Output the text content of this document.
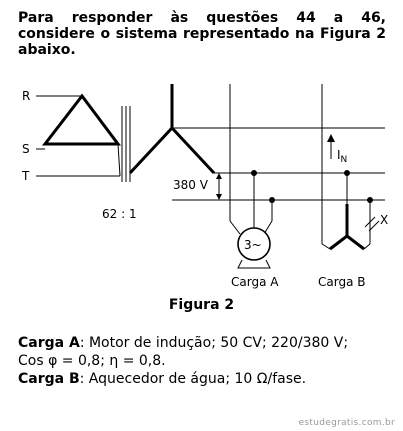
Para responder às questões 44 a 46, considere o sistema representado na Figura 2 abaixo.

R
S
T
$I_N$
380 V
62 : 1
3~
X
Carga A	Carga B

Figura 2

Carga A: Motor de indução; 50 CV; 220/380 V;

Cos φ = 0,8; η = 0,8.

Carga B: Aquecedor de água; 10 Ω/fase.

estudegratis.com.br
